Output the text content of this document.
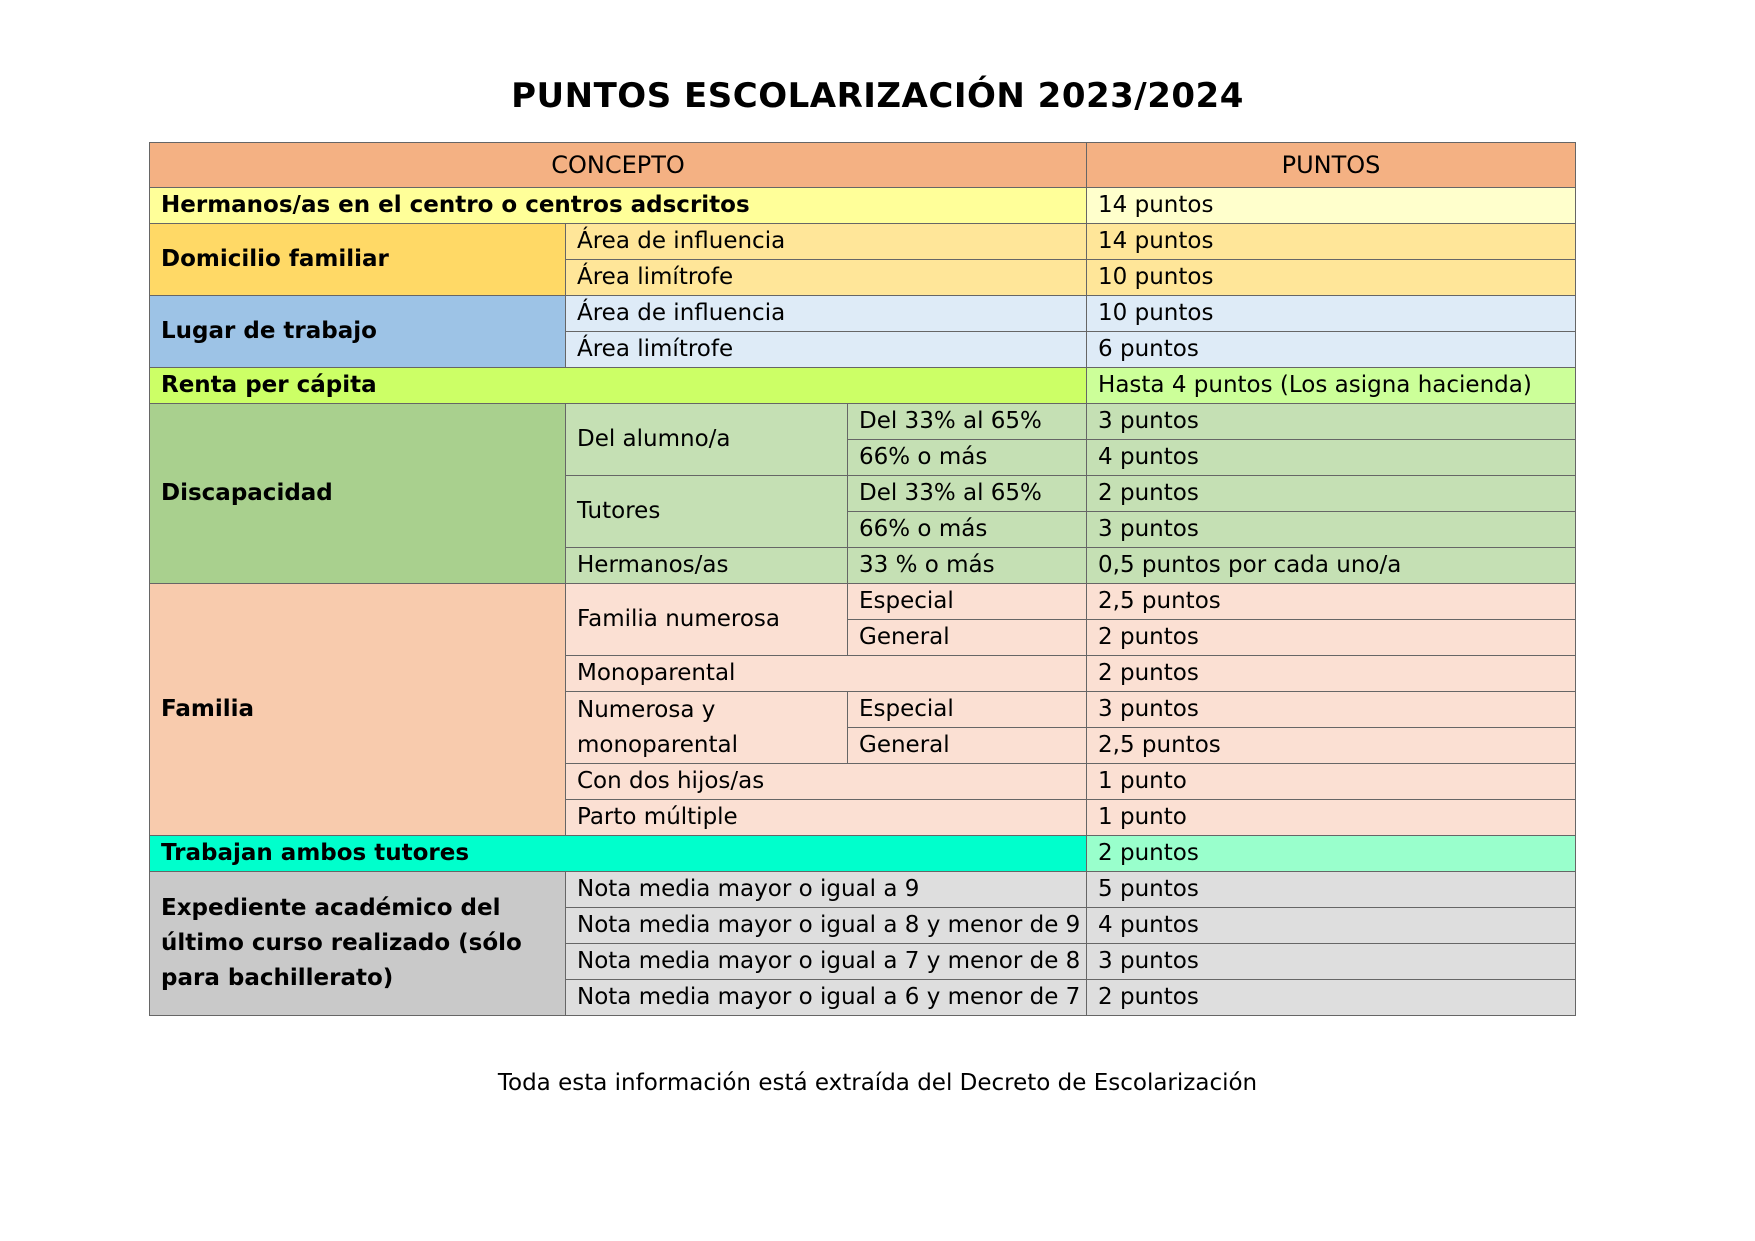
PUNTOS ESCOLARIZACIÓN 2023/2024
CONCEPTO			PUNTOS
Hermanos/as en el centro o centros adscritos			14 puntos
Domicilio familiar	Área de influencia		14 puntos
	Área limítrofe		10 puntos
Lugar de trabajo	Área de influencia		10 puntos
	Área limítrofe		6 puntos
Renta per cápita			Hasta 4 puntos (Los asigna hacienda)
Discapacidad	Del alumno/a	Del 33% al 65%	3 puntos
		66% o más	4 puntos
	Tutores	Del 33% al 65%	2 puntos
		66% o más	3 puntos
	Hermanos/as	33 % o más	0,5 puntos por cada uno/a
Familia	Familia numerosa	Especial	2,5 puntos
		General	2 puntos
	Monoparental		2 puntos
	Numerosa y monoparental	Especial	3 puntos
		General	2,5 puntos
	Con dos hijos/as		1 punto
	Parto múltiple		1 punto
Trabajan ambos tutores			2 puntos
Expediente académico del último curso realizado (sólo para bachillerato)	Nota media mayor o igual a 9		5 puntos
	Nota media mayor o igual a 8 y menor de 9		4 puntos
	Nota media mayor o igual a 7 y menor de 8		3 puntos
	Nota media mayor o igual a 6 y menor de 7		2 puntos
Toda esta información está extraída del Decreto de Escolarización
